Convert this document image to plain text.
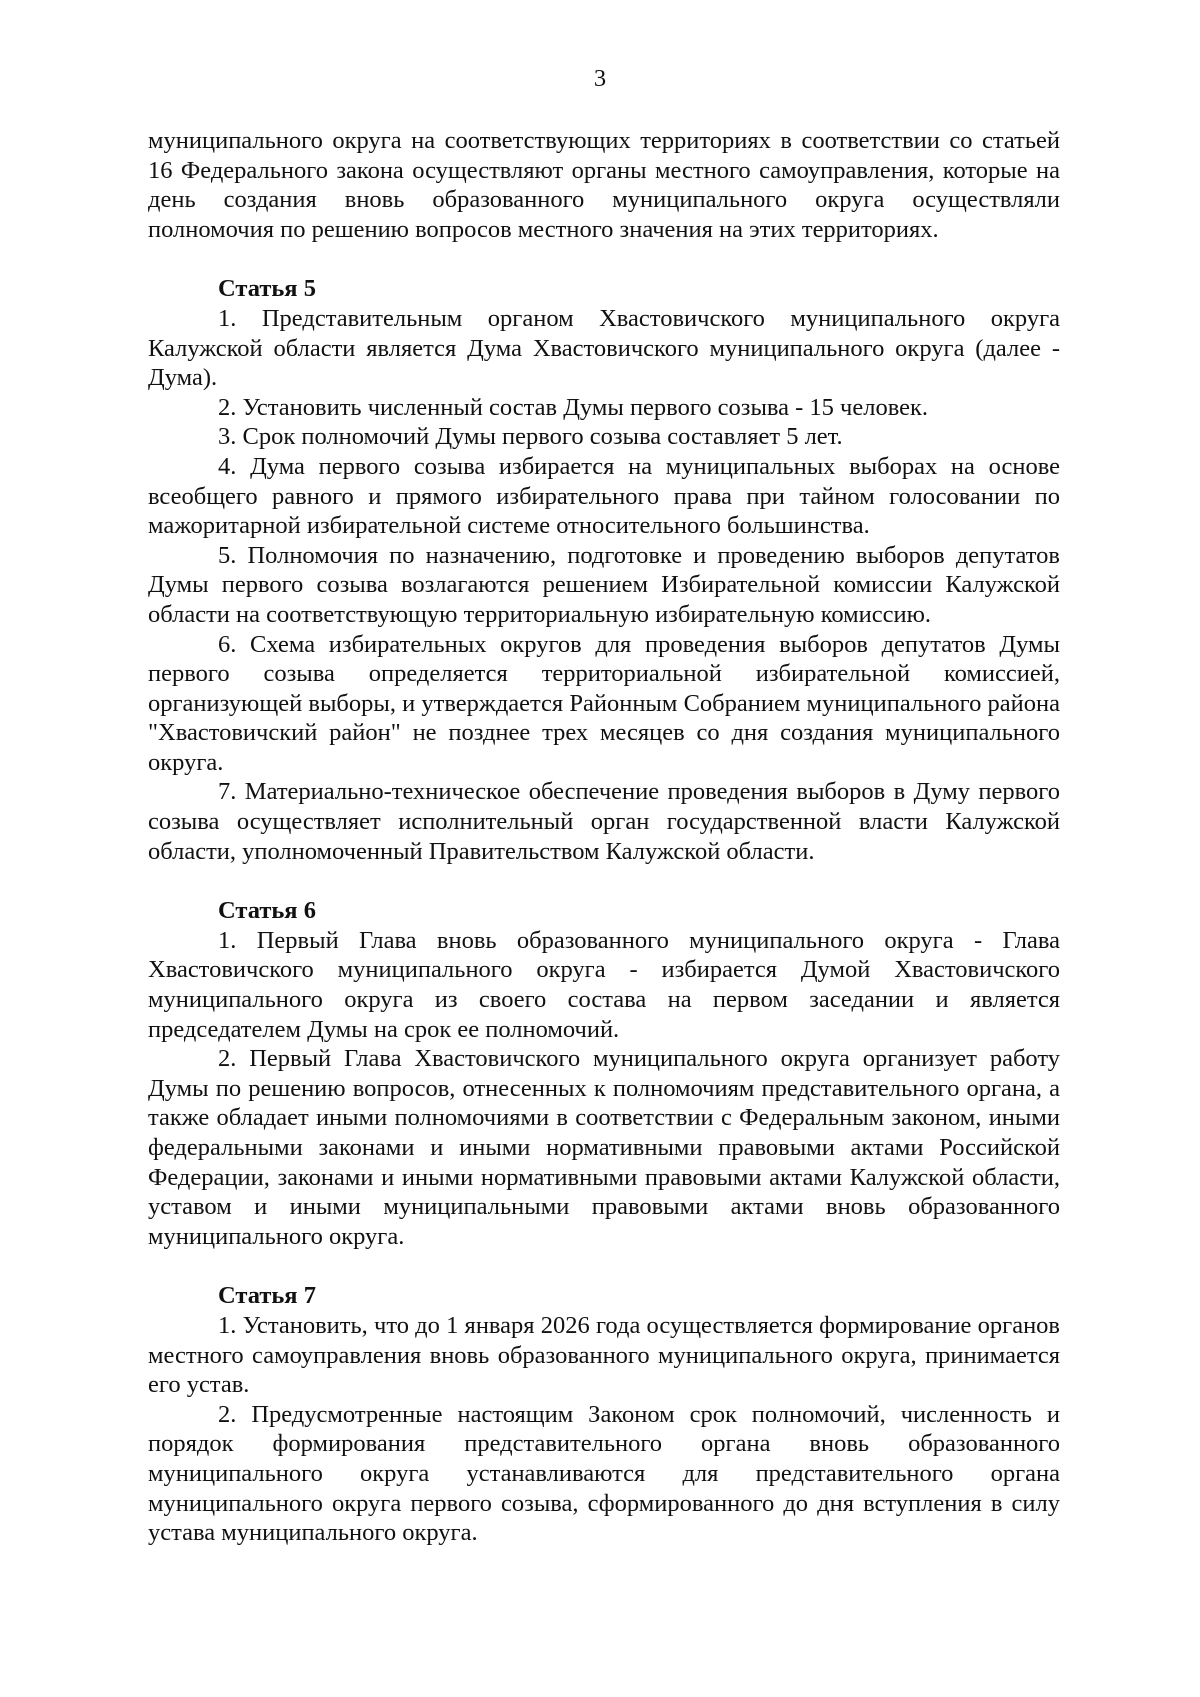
3

муниципального округа на соответствующих территориях в соответствии со статьей 16 Федерального закона осуществляют органы местного самоуправления, которые на день создания вновь образованного муниципального округа осуществляли полномочия по решению вопросов местного значения на этих территориях.

Статья 5

1. Представительным органом Хвастовичского муниципального округа Калужской области является Дума Хвастовичского муниципального округа (далее - Дума).

2. Установить численный состав Думы первого созыва - 15 человек.

3. Срок полномочий Думы первого созыва составляет 5 лет.

4. Дума первого созыва избирается на муниципальных выборах на основе всеобщего равного и прямого избирательного права при тайном голосовании по мажоритарной избирательной системе относительного большинства.

5. Полномочия по назначению, подготовке и проведению выборов депутатов Думы первого созыва возлагаются решением Избирательной комиссии Калужской области на соответствующую территориальную избирательную комиссию.

6. Схема избирательных округов для проведения выборов депутатов Думы первого созыва определяется территориальной избирательной комиссией, организующей выборы, и утверждается Районным Собранием муниципального района "Хвастовичский район" не позднее трех месяцев со дня создания муниципального округа.

7. Материально-техническое обеспечение проведения выборов в Думу первого созыва осуществляет исполнительный орган государственной власти Калужской области, уполномоченный Правительством Калужской области.

Статья 6

1. Первый Глава вновь образованного муниципального округа - Глава Хвастовичского муниципального округа - избирается Думой Хвастовичского муниципального округа из своего состава на первом заседании и является председателем Думы на срок ее полномочий.

2. Первый Глава Хвастовичского муниципального округа организует работу Думы по решению вопросов, отнесенных к полномочиям представительного органа, а также обладает иными полномочиями в соответствии с Федеральным законом, иными федеральными законами и иными нормативными правовыми актами Российской Федерации, законами и иными нормативными правовыми актами Калужской области, уставом и иными муниципальными правовыми актами вновь образованного муниципального округа.

Статья 7

1. Установить, что до 1 января 2026 года осуществляется формирование органов местного самоуправления вновь образованного муниципального округа, принимается его устав.

2. Предусмотренные настоящим Законом срок полномочий, численность и порядок формирования представительного органа вновь образованного муниципального округа устанавливаются для представительного органа муниципального округа первого созыва, сформированного до дня вступления в силу устава муниципального округа.
